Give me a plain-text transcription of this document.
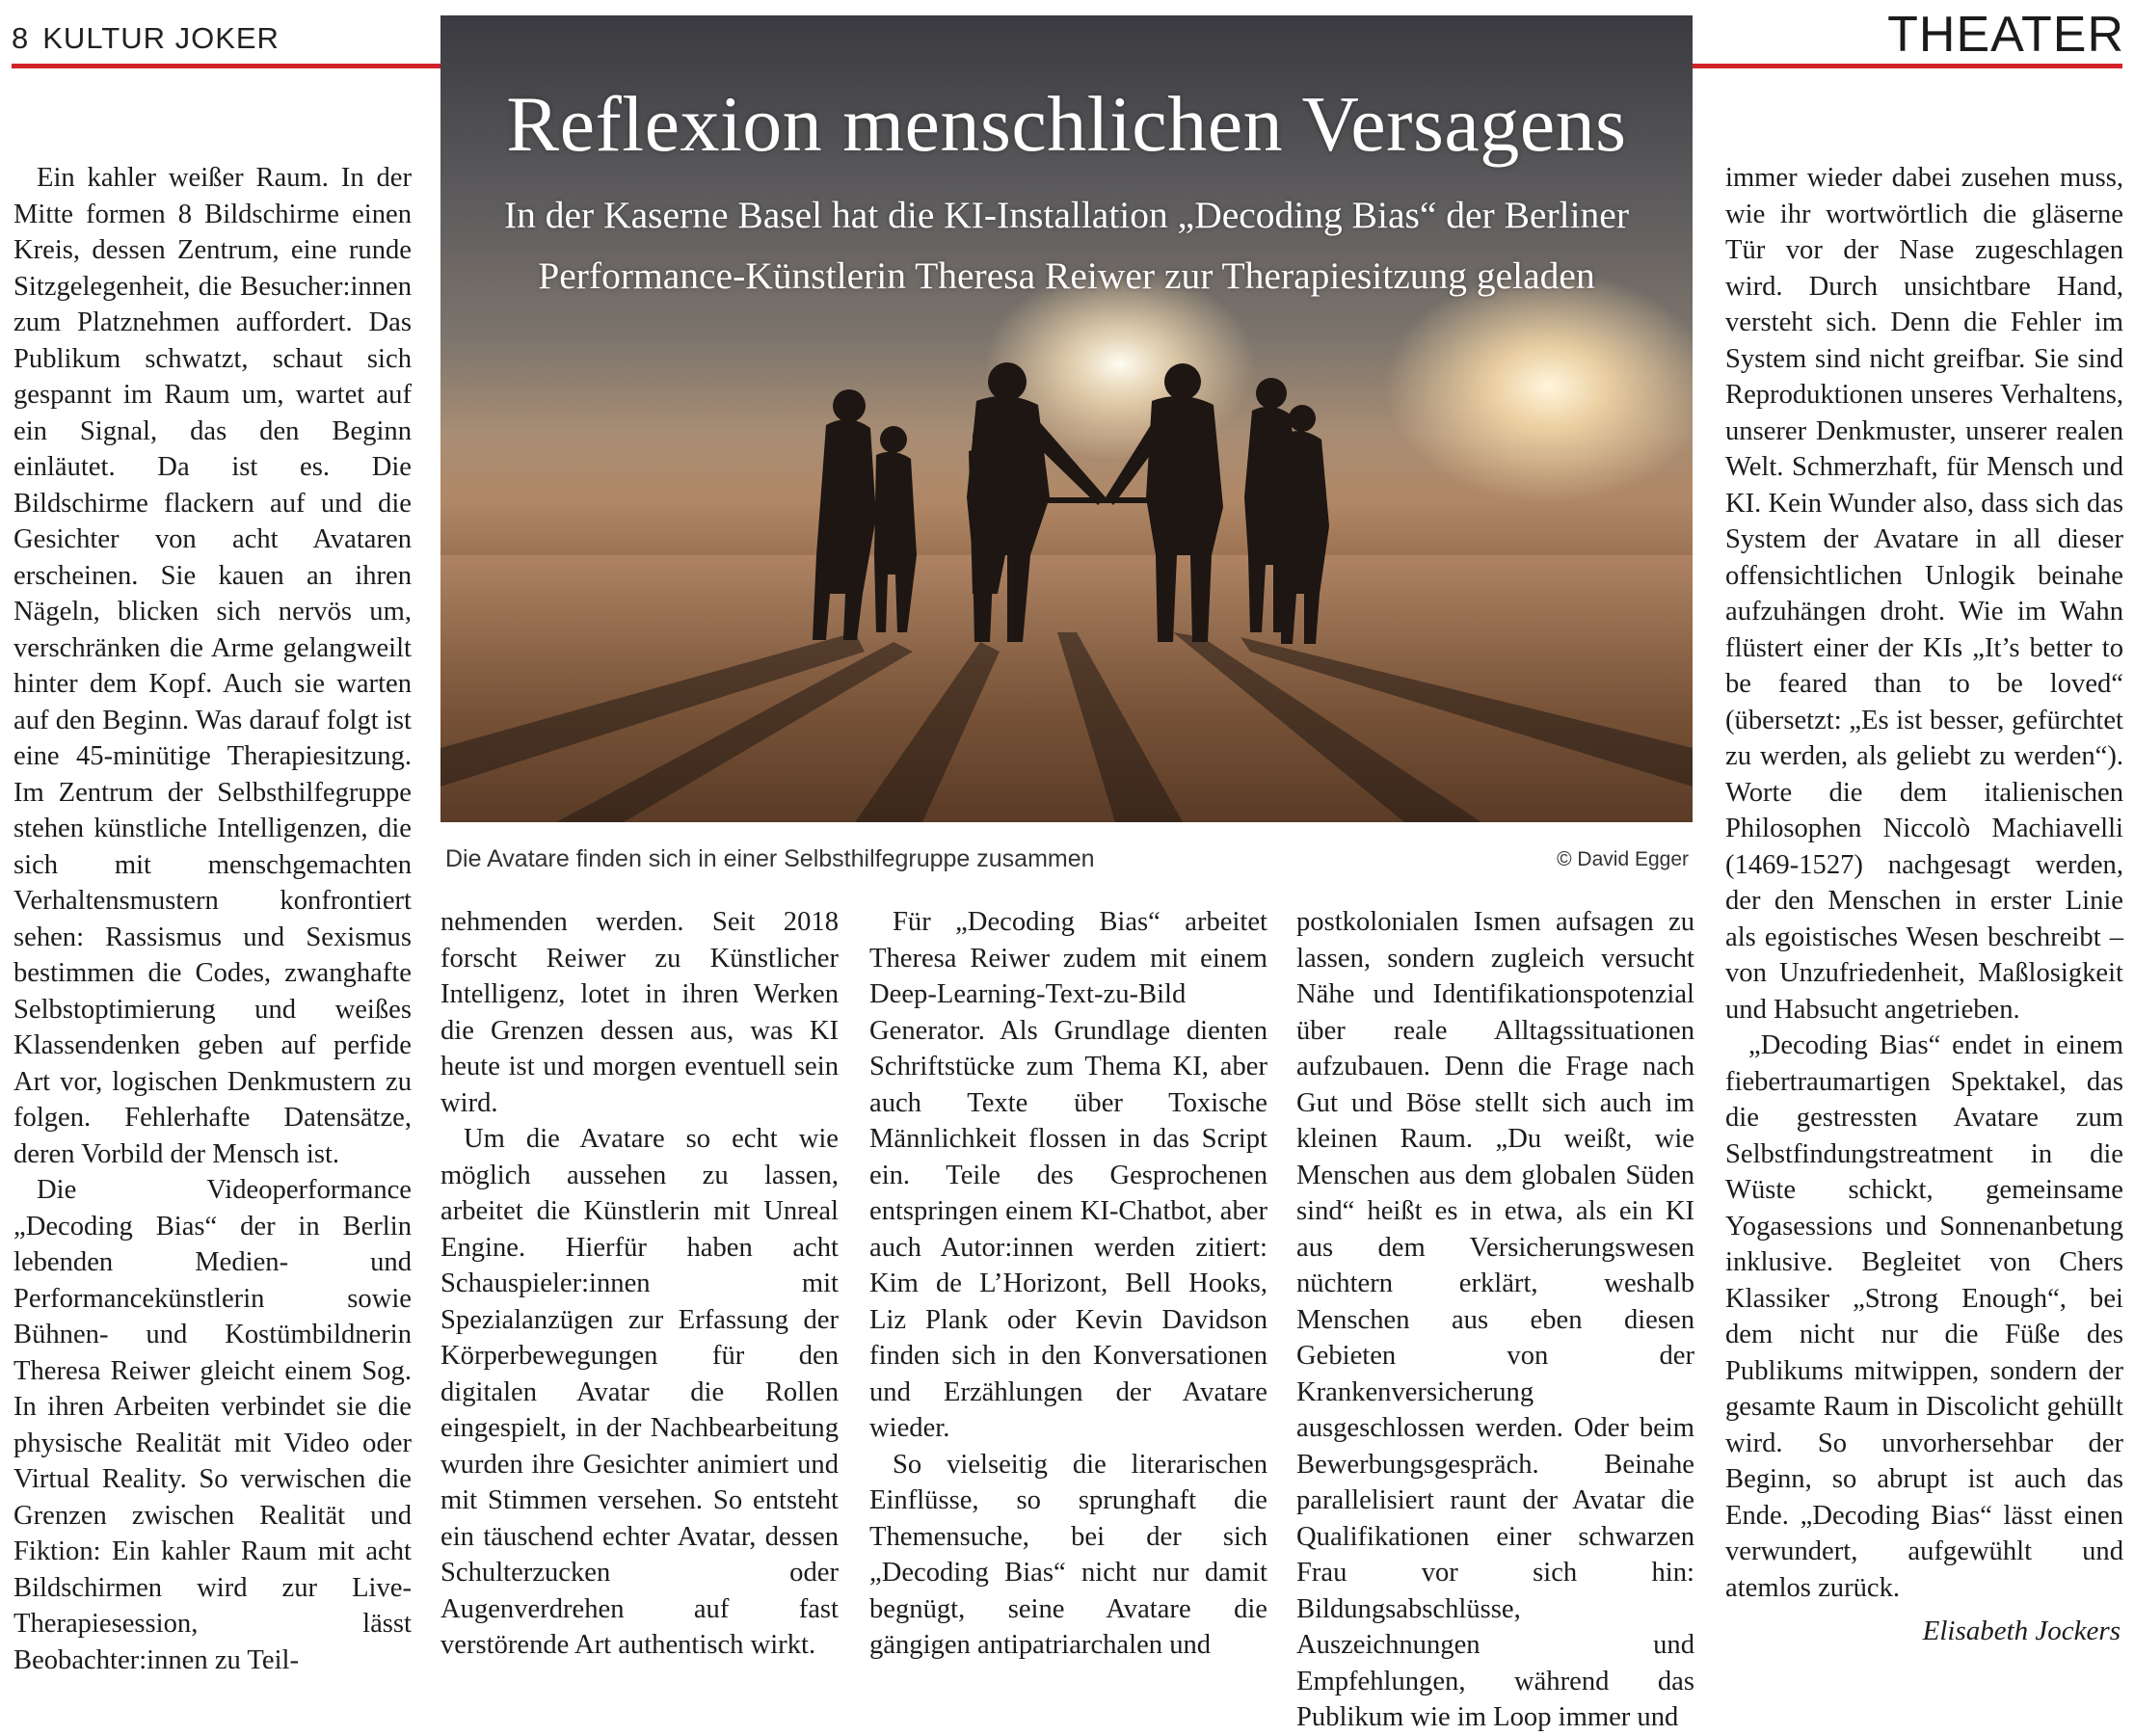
8 KULTUR JOKER	THEATER
Reflexion menschlichen Versagens
In der Kaserne Basel hat die KI-Installation „Decoding Bias“ der Berliner
Performance-Künstlerin Theresa Reiwer zur Therapiesitzung geladen
Die Avatare finden sich in einer Selbsthilfegruppe zusammen	© David Egger

Ein kahler weißer Raum. In der Mitte formen 8 Bildschirme einen Kreis, dessen Zentrum, eine runde Sitzgelegenheit, die Besucher:innen zum Platznehmen auffordert. Das Publikum schwatzt, schaut sich gespannt im Raum um, wartet auf ein Signal, das den Beginn einläutet. Da ist es. Die Bildschirme flackern auf und die Gesichter von acht Avataren erscheinen. Sie kauen an ihren Nägeln, blicken sich nervös um, verschränken die Arme gelangweilt hinter dem Kopf. Auch sie warten auf den Beginn. Was darauf folgt ist eine 45-minütige Therapiesitzung. Im Zentrum der Selbsthilfegruppe stehen künstliche Intelligenzen, die sich mit menschgemachten Verhaltensmustern konfrontiert sehen: Rassismus und Sexismus bestimmen die Codes, zwanghafte Selbstoptimierung und weißes Klassendenken geben auf perfide Art vor, logischen Denkmustern zu folgen. Fehlerhafte Datensätze, deren Vorbild der Mensch ist.

Die Videoperformance „Decoding Bias“ der in Berlin lebenden Medien- und Performancekünstlerin sowie Bühnen- und Kostümbildnerin Theresa Reiwer gleicht einem Sog. In ihren Arbeiten verbindet sie die physische Realität mit Video oder Virtual Reality. So verwischen die Grenzen zwischen Realität und Fiktion: Ein kahler Raum mit acht Bildschirmen wird zur Live-Therapiesession, lässt Beobachter:innen zu Teil-

nehmenden werden. Seit 2018 forscht Reiwer zu Künstlicher Intelligenz, lotet in ihren Werken die Grenzen dessen aus, was KI heute ist und morgen eventuell sein wird.

Um die Avatare so echt wie möglich aussehen zu lassen, arbeitet die Künstlerin mit Unreal Engine. Hierfür haben acht Schauspieler:innen mit Spezialanzügen zur Erfassung der Körperbewegungen für den digitalen Avatar die Rollen eingespielt, in der Nachbearbeitung wurden ihre Gesichter animiert und mit Stimmen versehen. So entsteht ein täuschend echter Avatar, dessen Schulterzucken oder Augenverdrehen auf fast verstörende Art authentisch wirkt.

Für „Decoding Bias“ arbeitet Theresa Reiwer zudem mit einem Deep-Learning-Text-zu-Bild Generator. Als Grundlage dienten Schriftstücke zum Thema KI, aber auch Texte über Toxische Männlichkeit flossen in das Script ein. Teile des Gesprochenen entspringen einem KI-Chatbot, aber auch Autor:innen werden zitiert: Kim de L’Horizont, Bell Hooks, Liz Plank oder Kevin Davidson finden sich in den Konversationen und Erzählungen der Avatare wieder.

So vielseitig die literarischen Einflüsse, so sprunghaft die Themensuche, bei der sich „Decoding Bias“ nicht nur damit begnügt, seine Avatare die gängigen antipatriarchalen und

postkolonialen Ismen aufsagen zu lassen, sondern zugleich versucht Nähe und Identifikationspotenzial über reale Alltagssituationen aufzubauen. Denn die Frage nach Gut und Böse stellt sich auch im kleinen Raum. „Du weißt, wie Menschen aus dem globalen Süden sind“ heißt es in etwa, als ein KI aus dem Versicherungswesen nüchtern erklärt, weshalb Menschen aus eben diesen Gebieten von der Krankenversicherung ausgeschlossen werden. Oder beim Bewerbungsgespräch. Beinahe parallelisiert raunt der Avatar die Qualifikationen einer schwarzen Frau vor sich hin: Bildungsabschlüsse, Auszeichnungen und Empfehlungen, während das Publikum wie im Loop immer und

immer wieder dabei zusehen muss, wie ihr wortwörtlich die gläserne Tür vor der Nase zugeschlagen wird. Durch unsichtbare Hand, versteht sich. Denn die Fehler im System sind nicht greifbar. Sie sind Reproduktionen unseres Verhaltens, unserer Denkmuster, unserer realen Welt. Schmerzhaft, für Mensch und KI. Kein Wunder also, dass sich das System der Avatare in all dieser offensichtlichen Unlogik beinahe aufzuhängen droht. Wie im Wahn flüstert einer der KIs „It’s better to be feared than to be loved“ (übersetzt: „Es ist besser, gefürchtet zu werden, als geliebt zu werden“). Worte die dem italienischen Philosophen Niccolò Machiavelli (1469-1527) nachgesagt werden, der den Menschen in erster Linie als egoistisches Wesen beschreibt – von Unzufriedenheit, Maßlosigkeit und Habsucht angetrieben.

„Decoding Bias“ endet in einem fiebertraumartigen Spektakel, das die gestressten Avatare zum Selbstfindungstreatment in die Wüste schickt, gemeinsame Yogasessions und Sonnenanbetung inklusive. Begleitet von Chers Klassiker „Strong Enough“, bei dem nicht nur die Füße des Publikums mitwippen, sondern der gesamte Raum in Discolicht gehüllt wird. So unvorhersehbar der Beginn, so abrupt ist auch das Ende. „Decoding Bias“ lässt einen verwundert, aufgewühlt und atemlos zurück.

Elisabeth Jockers
